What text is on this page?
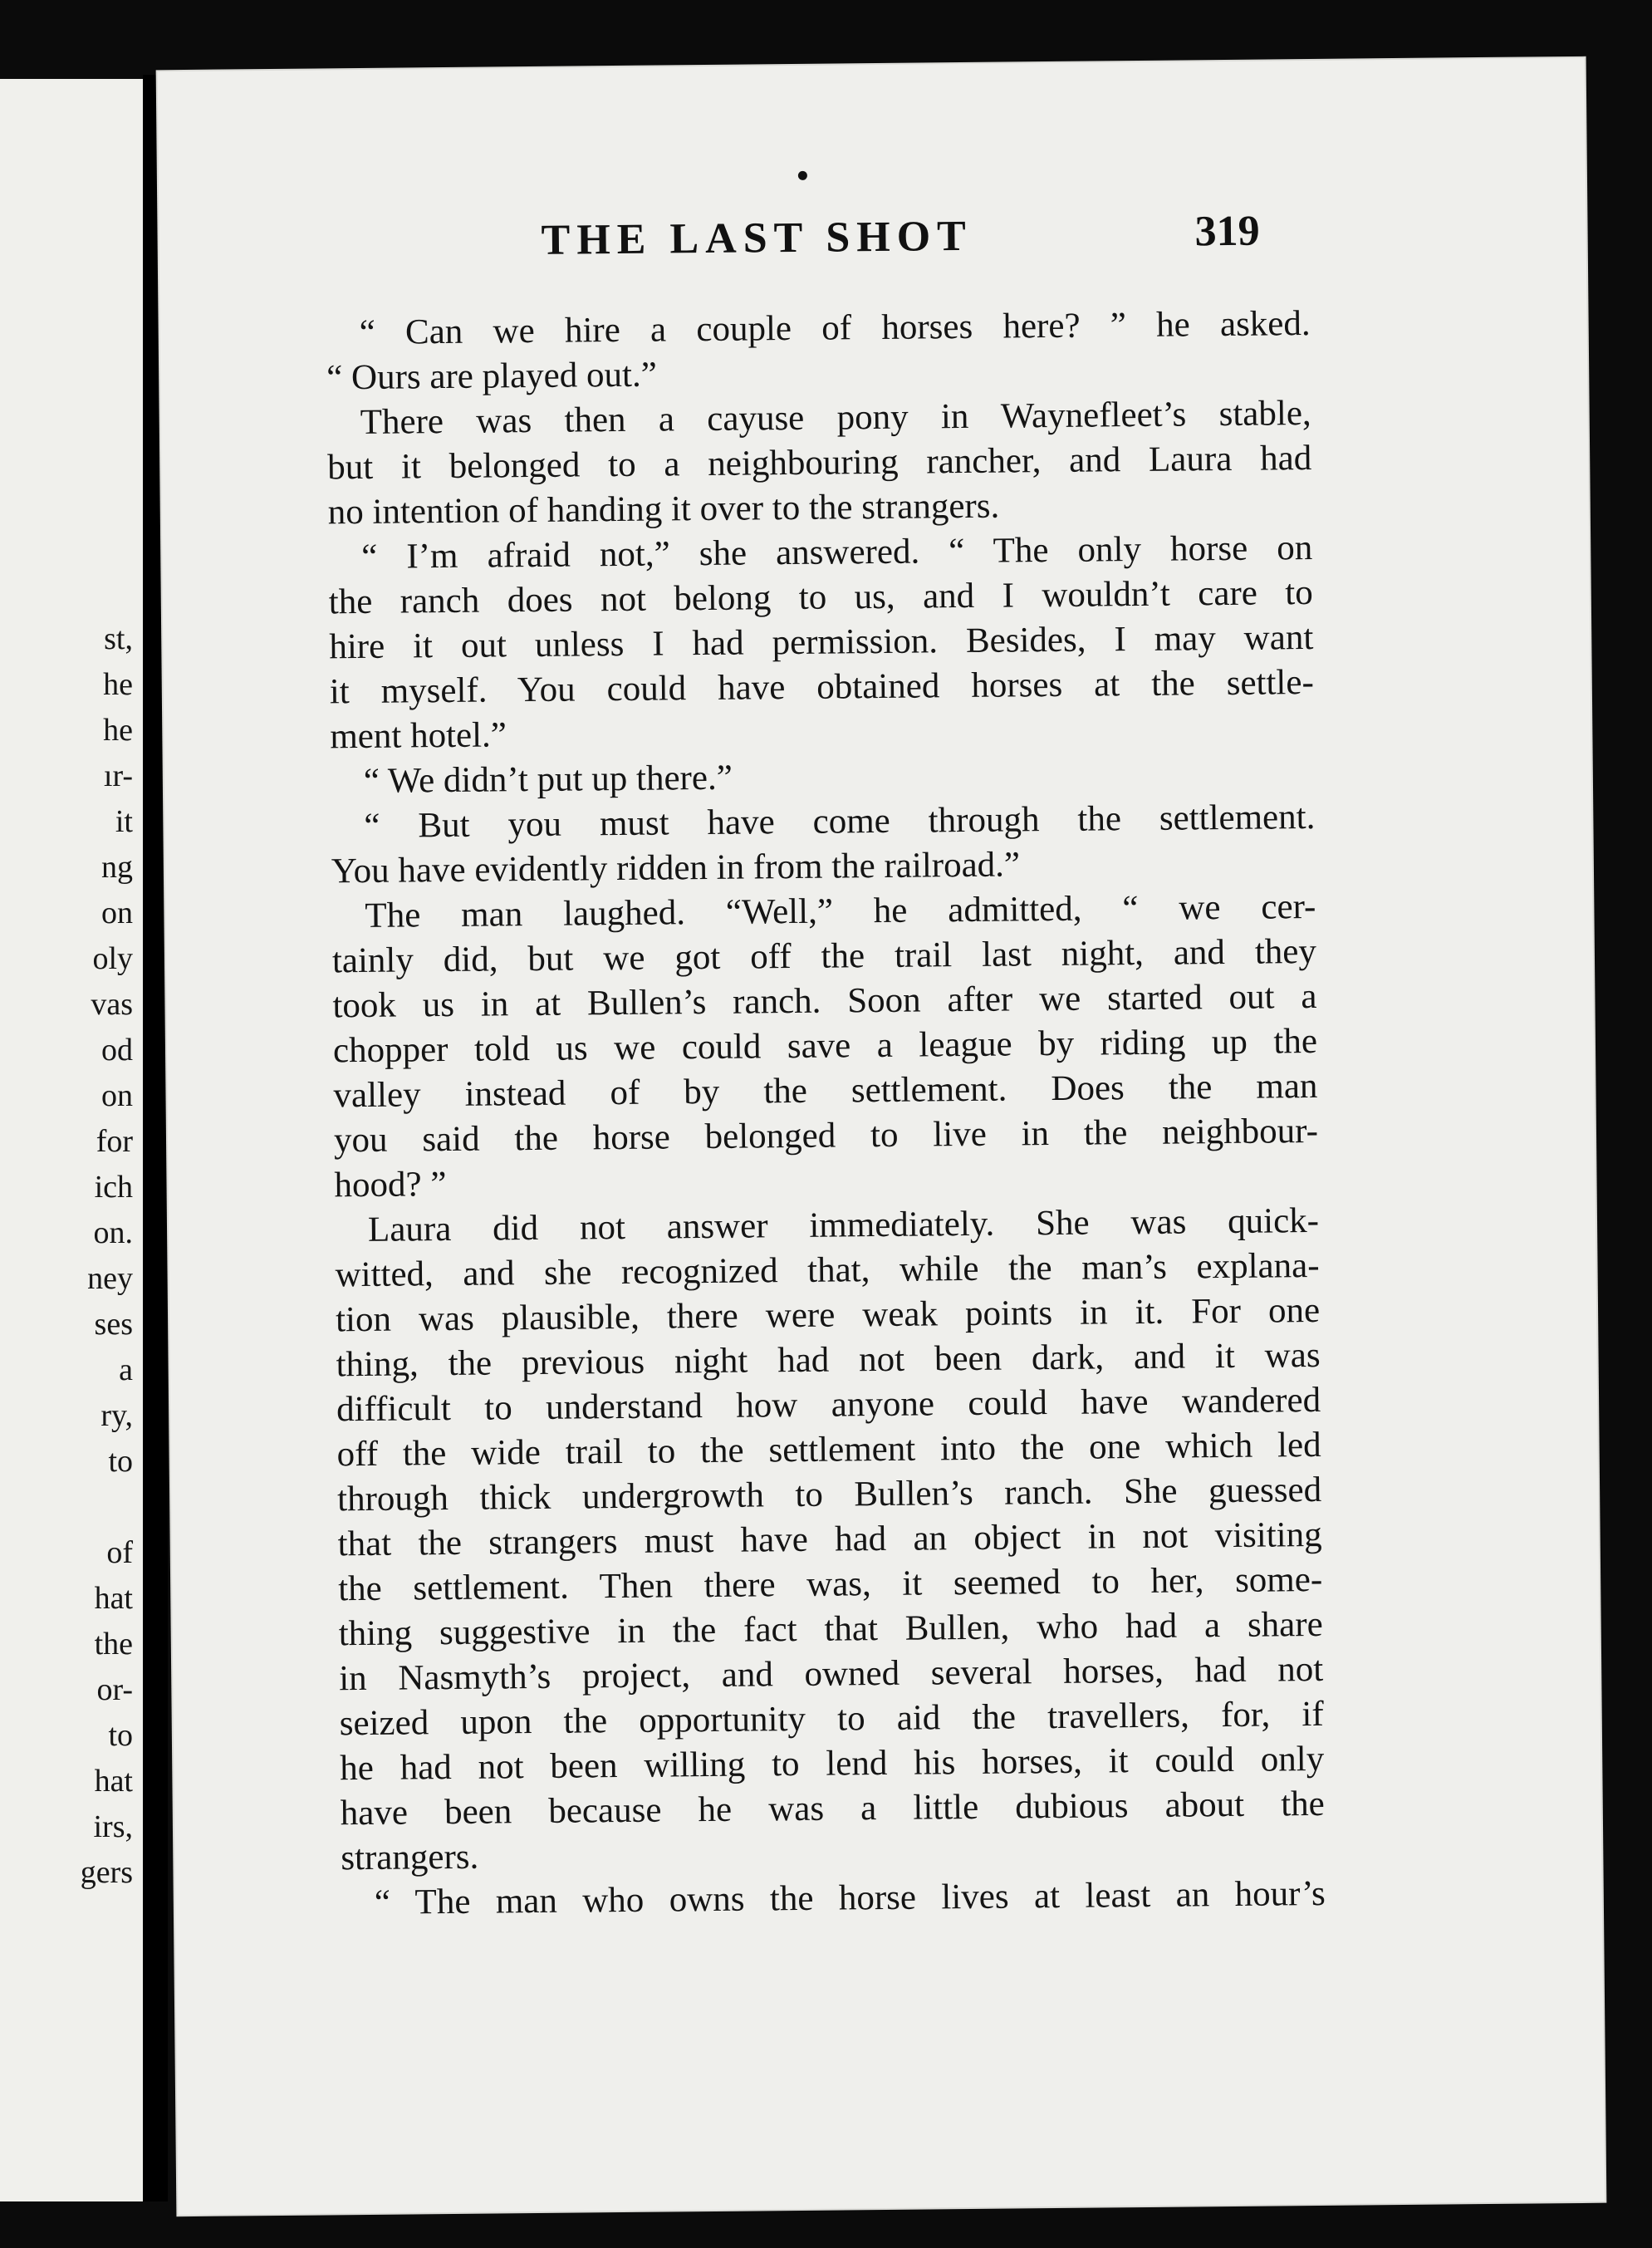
st,
he
he
ır-
it
ng
on
oly
vas
od
on
for
ich
on.
ney
ses
a
ry,
to
of
hat
the
or-
to
hat
irs,
gers
THE LAST SHOT	319
“ Can we hire a couple of horses here? ” he asked.
“ Ours are played out.”
There was then a cayuse pony in Waynefleet’s stable,
but it belonged to a neighbouring rancher, and Laura had
no intention of handing it over to the strangers.
“ I’m afraid not,” she answered. “ The only horse on
the ranch does not belong to us, and I wouldn’t care to
hire it out unless I had permission. Besides, I may want
it myself. You could have obtained horses at the settle-
ment hotel.”
“ We didn’t put up there.”
“ But you must have come through the settlement.
You have evidently ridden in from the railroad.”
The man laughed. “Well,” he admitted, “ we cer-
tainly did, but we got off the trail last night, and they
took us in at Bullen’s ranch. Soon after we started out a
chopper told us we could save a league by riding up the
valley instead of by the settlement. Does the man
you said the horse belonged to live in the neighbour-
hood? ”
Laura did not answer immediately. She was quick-
witted, and she recognized that, while the man’s explana-
tion was plausible, there were weak points in it. For one
thing, the previous night had not been dark, and it was
difficult to understand how anyone could have wandered
off the wide trail to the settlement into the one which led
through thick undergrowth to Bullen’s ranch. She guessed
that the strangers must have had an object in not visiting
the settlement. Then there was, it seemed to her, some-
thing suggestive in the fact that Bullen, who had a share
in Nasmyth’s project, and owned several horses, had not
seized upon the opportunity to aid the travellers, for, if
he had not been willing to lend his horses, it could only
have been because he was a little dubious about the
strangers.
“ The man who owns the horse lives at least an hour’s
